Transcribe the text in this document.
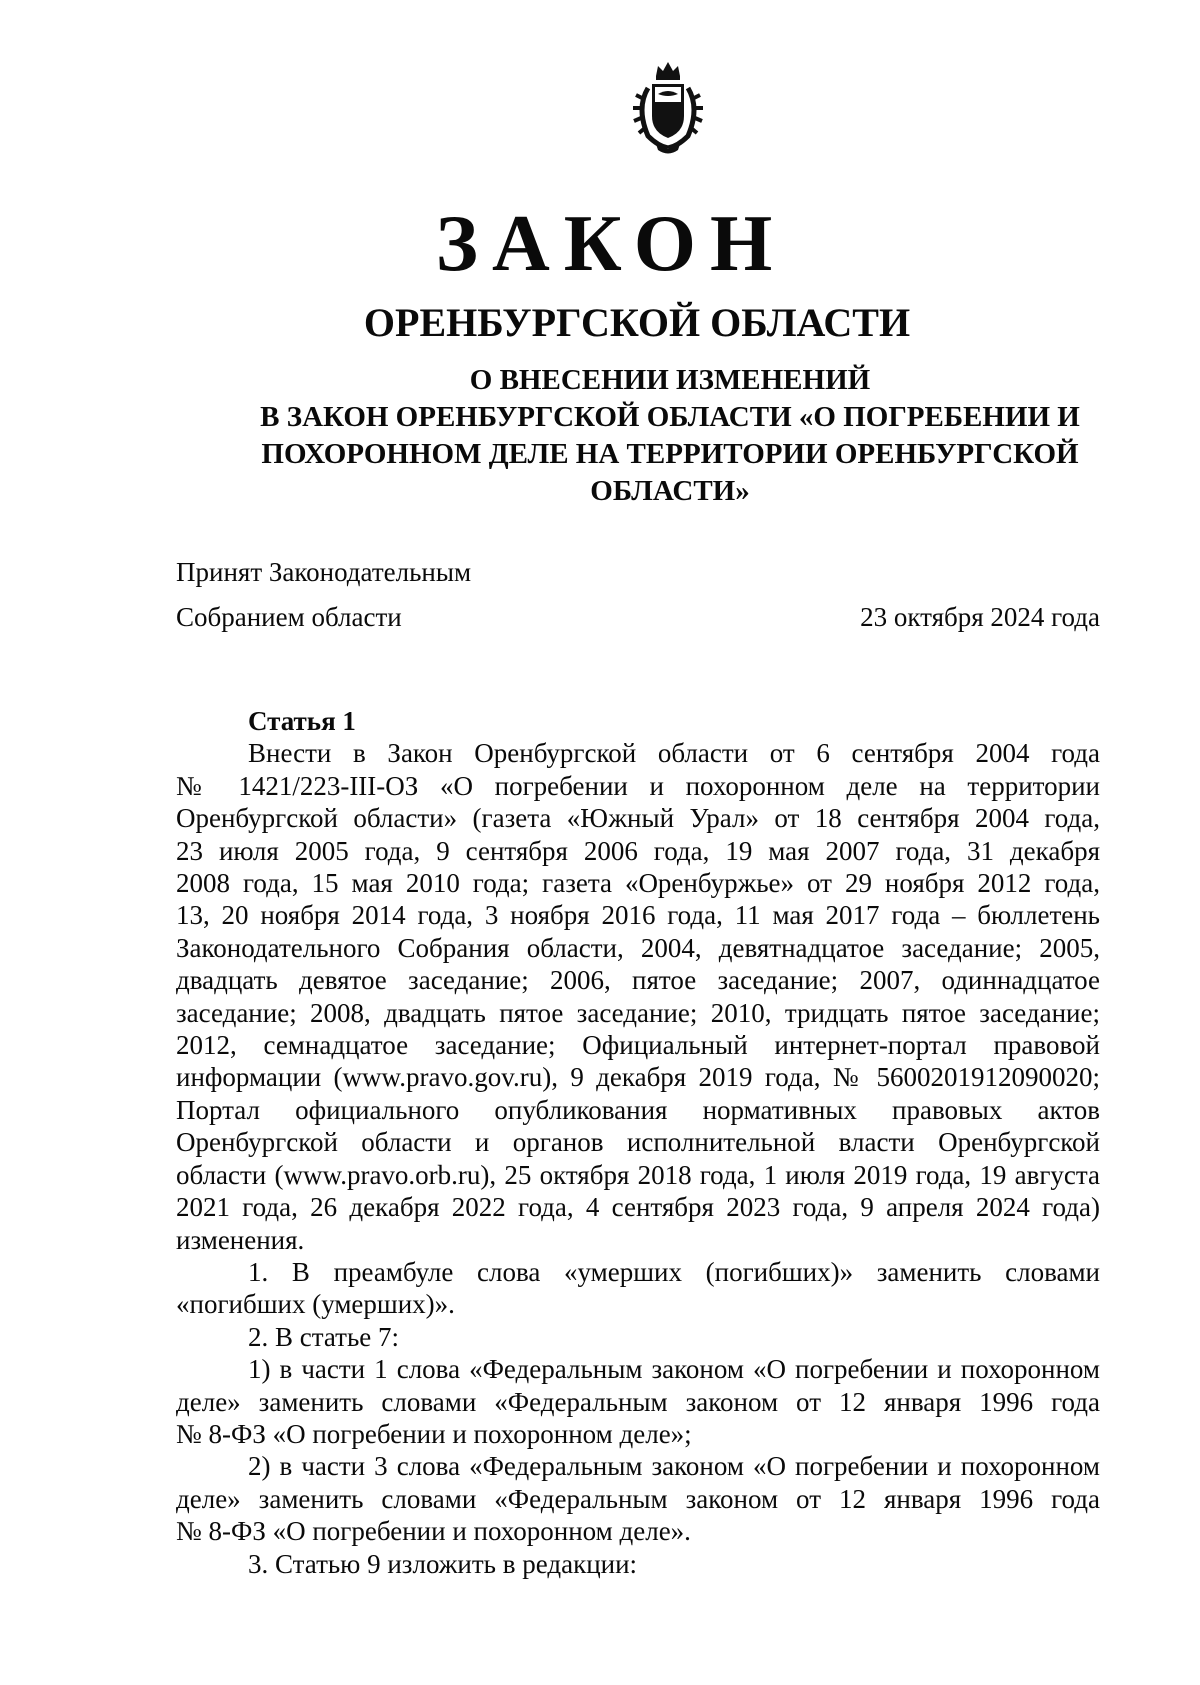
ЗАКОН
ОРЕНБУРГСКОЙ ОБЛАСТИ
О ВНЕСЕНИИ ИЗМЕНЕНИЙ
В ЗАКОН ОРЕНБУРГСКОЙ ОБЛАСТИ «О ПОГРЕБЕНИИ И
ПОХОРОННОМ ДЕЛЕ НА ТЕРРИТОРИИ ОРЕНБУРГСКОЙ
ОБЛАСТИ»
Принят Законодательным
Собранием области	23 октября 2024 года
Статья 1
Внести в Закон Оренбургской области от 6 сентября 2004 года
№ 1421/223-III-ОЗ «О погребении и похоронном деле на территории
Оренбургской области» (газета «Южный Урал» от 18 сентября 2004 года,
23 июля 2005 года, 9 сентября 2006 года, 19 мая 2007 года, 31 декабря
2008 года, 15 мая 2010 года; газета «Оренбуржье» от 29 ноября 2012 года,
13, 20 ноября 2014 года, 3 ноября 2016 года, 11 мая 2017 года – бюллетень
Законодательного Собрания области, 2004, девятнадцатое заседание; 2005,
двадцать девятое заседание; 2006, пятое заседание; 2007, одиннадцатое
заседание; 2008, двадцать пятое заседание; 2010, тридцать пятое заседание;
2012, семнадцатое заседание; Официальный интернет-портал правовой
информации (www.pravo.gov.ru), 9 декабря 2019 года, № 5600201912090020;
Портал официального опубликования нормативных правовых актов
Оренбургской области и органов исполнительной власти Оренбургской
области (www.pravo.orb.ru), 25 октября 2018 года, 1 июля 2019 года, 19 августа
2021 года, 26 декабря 2022 года, 4 сентября 2023 года, 9 апреля 2024 года)
изменения.
1. В преамбуле слова «умерших (погибших)» заменить словами
«погибших (умерших)».
2. В статье 7:
1) в части 1 слова «Федеральным законом «О погребении и похоронном
деле» заменить словами «Федеральным законом от 12 января 1996 года
№ 8-ФЗ «О погребении и похоронном деле»;
2) в части 3 слова «Федеральным законом «О погребении и похоронном
деле» заменить словами «Федеральным законом от 12 января 1996 года
№ 8-ФЗ «О погребении и похоронном деле».
3. Статью 9 изложить в редакции:
